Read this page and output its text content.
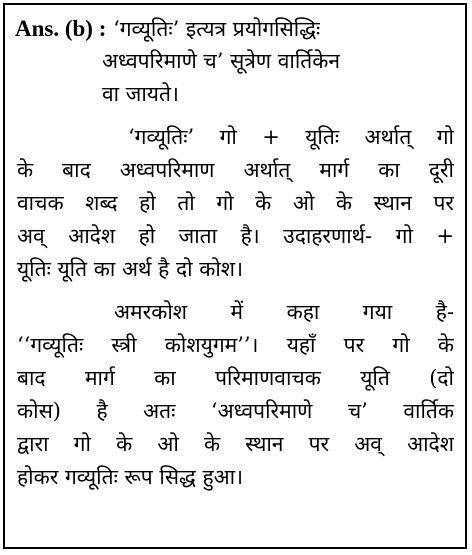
Ans. (b) : ‘गव्यूतिः’ इत्यत्र प्रयोगसिद्धिः
अध्वपरिमाणे च’ सूत्रेण वार्तिकेन
वा जायते।
‘गव्यूतिः’ गो + यूतिः अर्थात् गो
के बाद अध्वपरिमाण अर्थात् मार्ग का दूरी
वाचक शब्द हो तो गो के ओ के स्थान पर
अव् आदेश हो जाता है। उदाहरणार्थ- गो +
यूतिः यूति का अर्थ है दो कोश।
अमरकोश में कहा गया है-
‘‘गव्यूतिः स्त्री कोशयुगम’’। यहाँ पर गो के
बाद मार्ग का परिमाणवाचक यूति (दो
कोस) है अतः ‘अध्वपरिमाणे च’ वार्तिक
द्वारा गो के ओ के स्थान पर अव् आदेश
होकर गव्यूतिः रूप सिद्ध हुआ।
